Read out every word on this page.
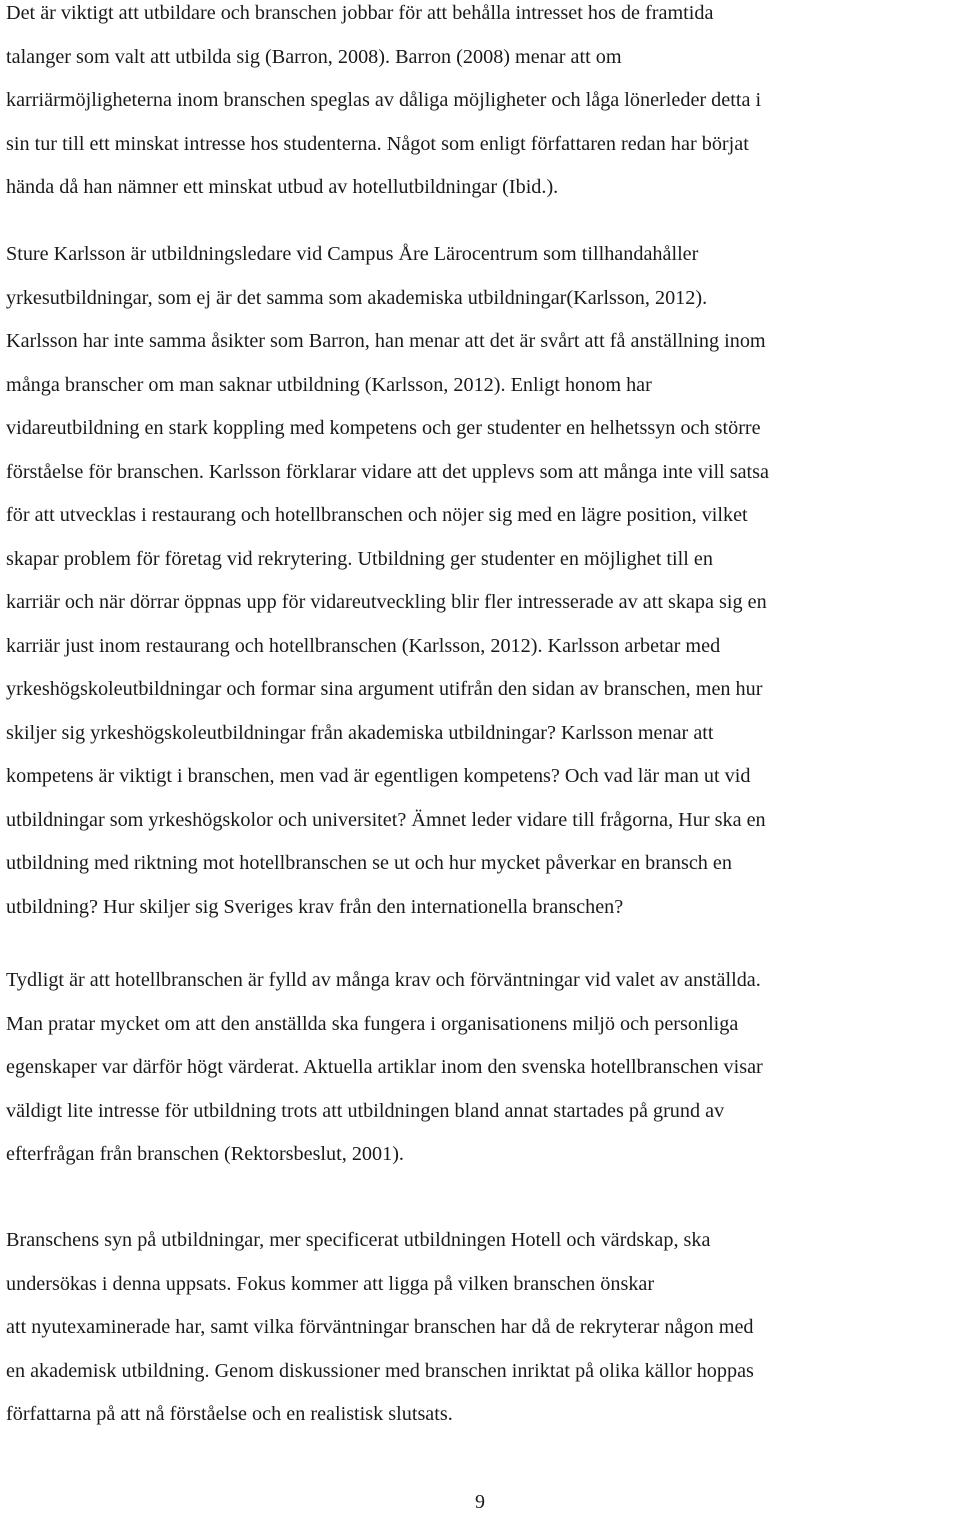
Det är viktigt att utbildare och branschen jobbar för att behålla intresset hos de framtida
talanger som valt att utbilda sig (Barron, 2008). Barron (2008) menar att om
karriärmöjligheterna inom branschen speglas av dåliga möjligheter och låga lönerleder detta i
sin tur till ett minskat intresse hos studenterna. Något som enligt författaren redan har börjat
hända då han nämner ett minskat utbud av hotellutbildningar (Ibid.).

Sture Karlsson är utbildningsledare vid Campus Åre Lärocentrum som tillhandahåller
yrkesutbildningar, som ej är det samma som akademiska utbildningar(Karlsson, 2012).
Karlsson har inte samma åsikter som Barron, han menar att det är svårt att få anställning inom
många branscher om man saknar utbildning (Karlsson, 2012). Enligt honom har
vidareutbildning en stark koppling med kompetens och ger studenter en helhetssyn och större
förståelse för branschen. Karlsson förklarar vidare att det upplevs som att många inte vill satsa
för att utvecklas i restaurang och hotellbranschen och nöjer sig med en lägre position, vilket
skapar problem för företag vid rekrytering. Utbildning ger studenter en möjlighet till en
karriär och när dörrar öppnas upp för vidareutveckling blir fler intresserade av att skapa sig en
karriär just inom restaurang och hotellbranschen (Karlsson, 2012). Karlsson arbetar med
yrkeshögskoleutbildningar och formar sina argument utifrån den sidan av branschen, men hur
skiljer sig yrkeshögskoleutbildningar från akademiska utbildningar? Karlsson menar att
kompetens är viktigt i branschen, men vad är egentligen kompetens? Och vad lär man ut vid
utbildningar som yrkeshögskolor och universitet? Ämnet leder vidare till frågorna, Hur ska en
utbildning med riktning mot hotellbranschen se ut och hur mycket påverkar en bransch en
utbildning? Hur skiljer sig Sveriges krav från den internationella branschen?

Tydligt är att hotellbranschen är fylld av många krav och förväntningar vid valet av anställda.
Man pratar mycket om att den anställda ska fungera i organisationens miljö och personliga
egenskaper var därför högt värderat. Aktuella artiklar inom den svenska hotellbranschen visar
väldigt lite intresse för utbildning trots att utbildningen bland annat startades på grund av
efterfrågan från branschen (Rektorsbeslut, 2001).

Branschens syn på utbildningar, mer specificerat utbildningen Hotell och värdskap, ska
undersökas i denna uppsats. Fokus kommer att ligga på vilken branschen önskar
att nyutexaminerade har, samt vilka förväntningar branschen har då de rekryterar någon med
en akademisk utbildning. Genom diskussioner med branschen inriktat på olika källor hoppas
författarna på att nå förståelse och en realistisk slutsats.

9
